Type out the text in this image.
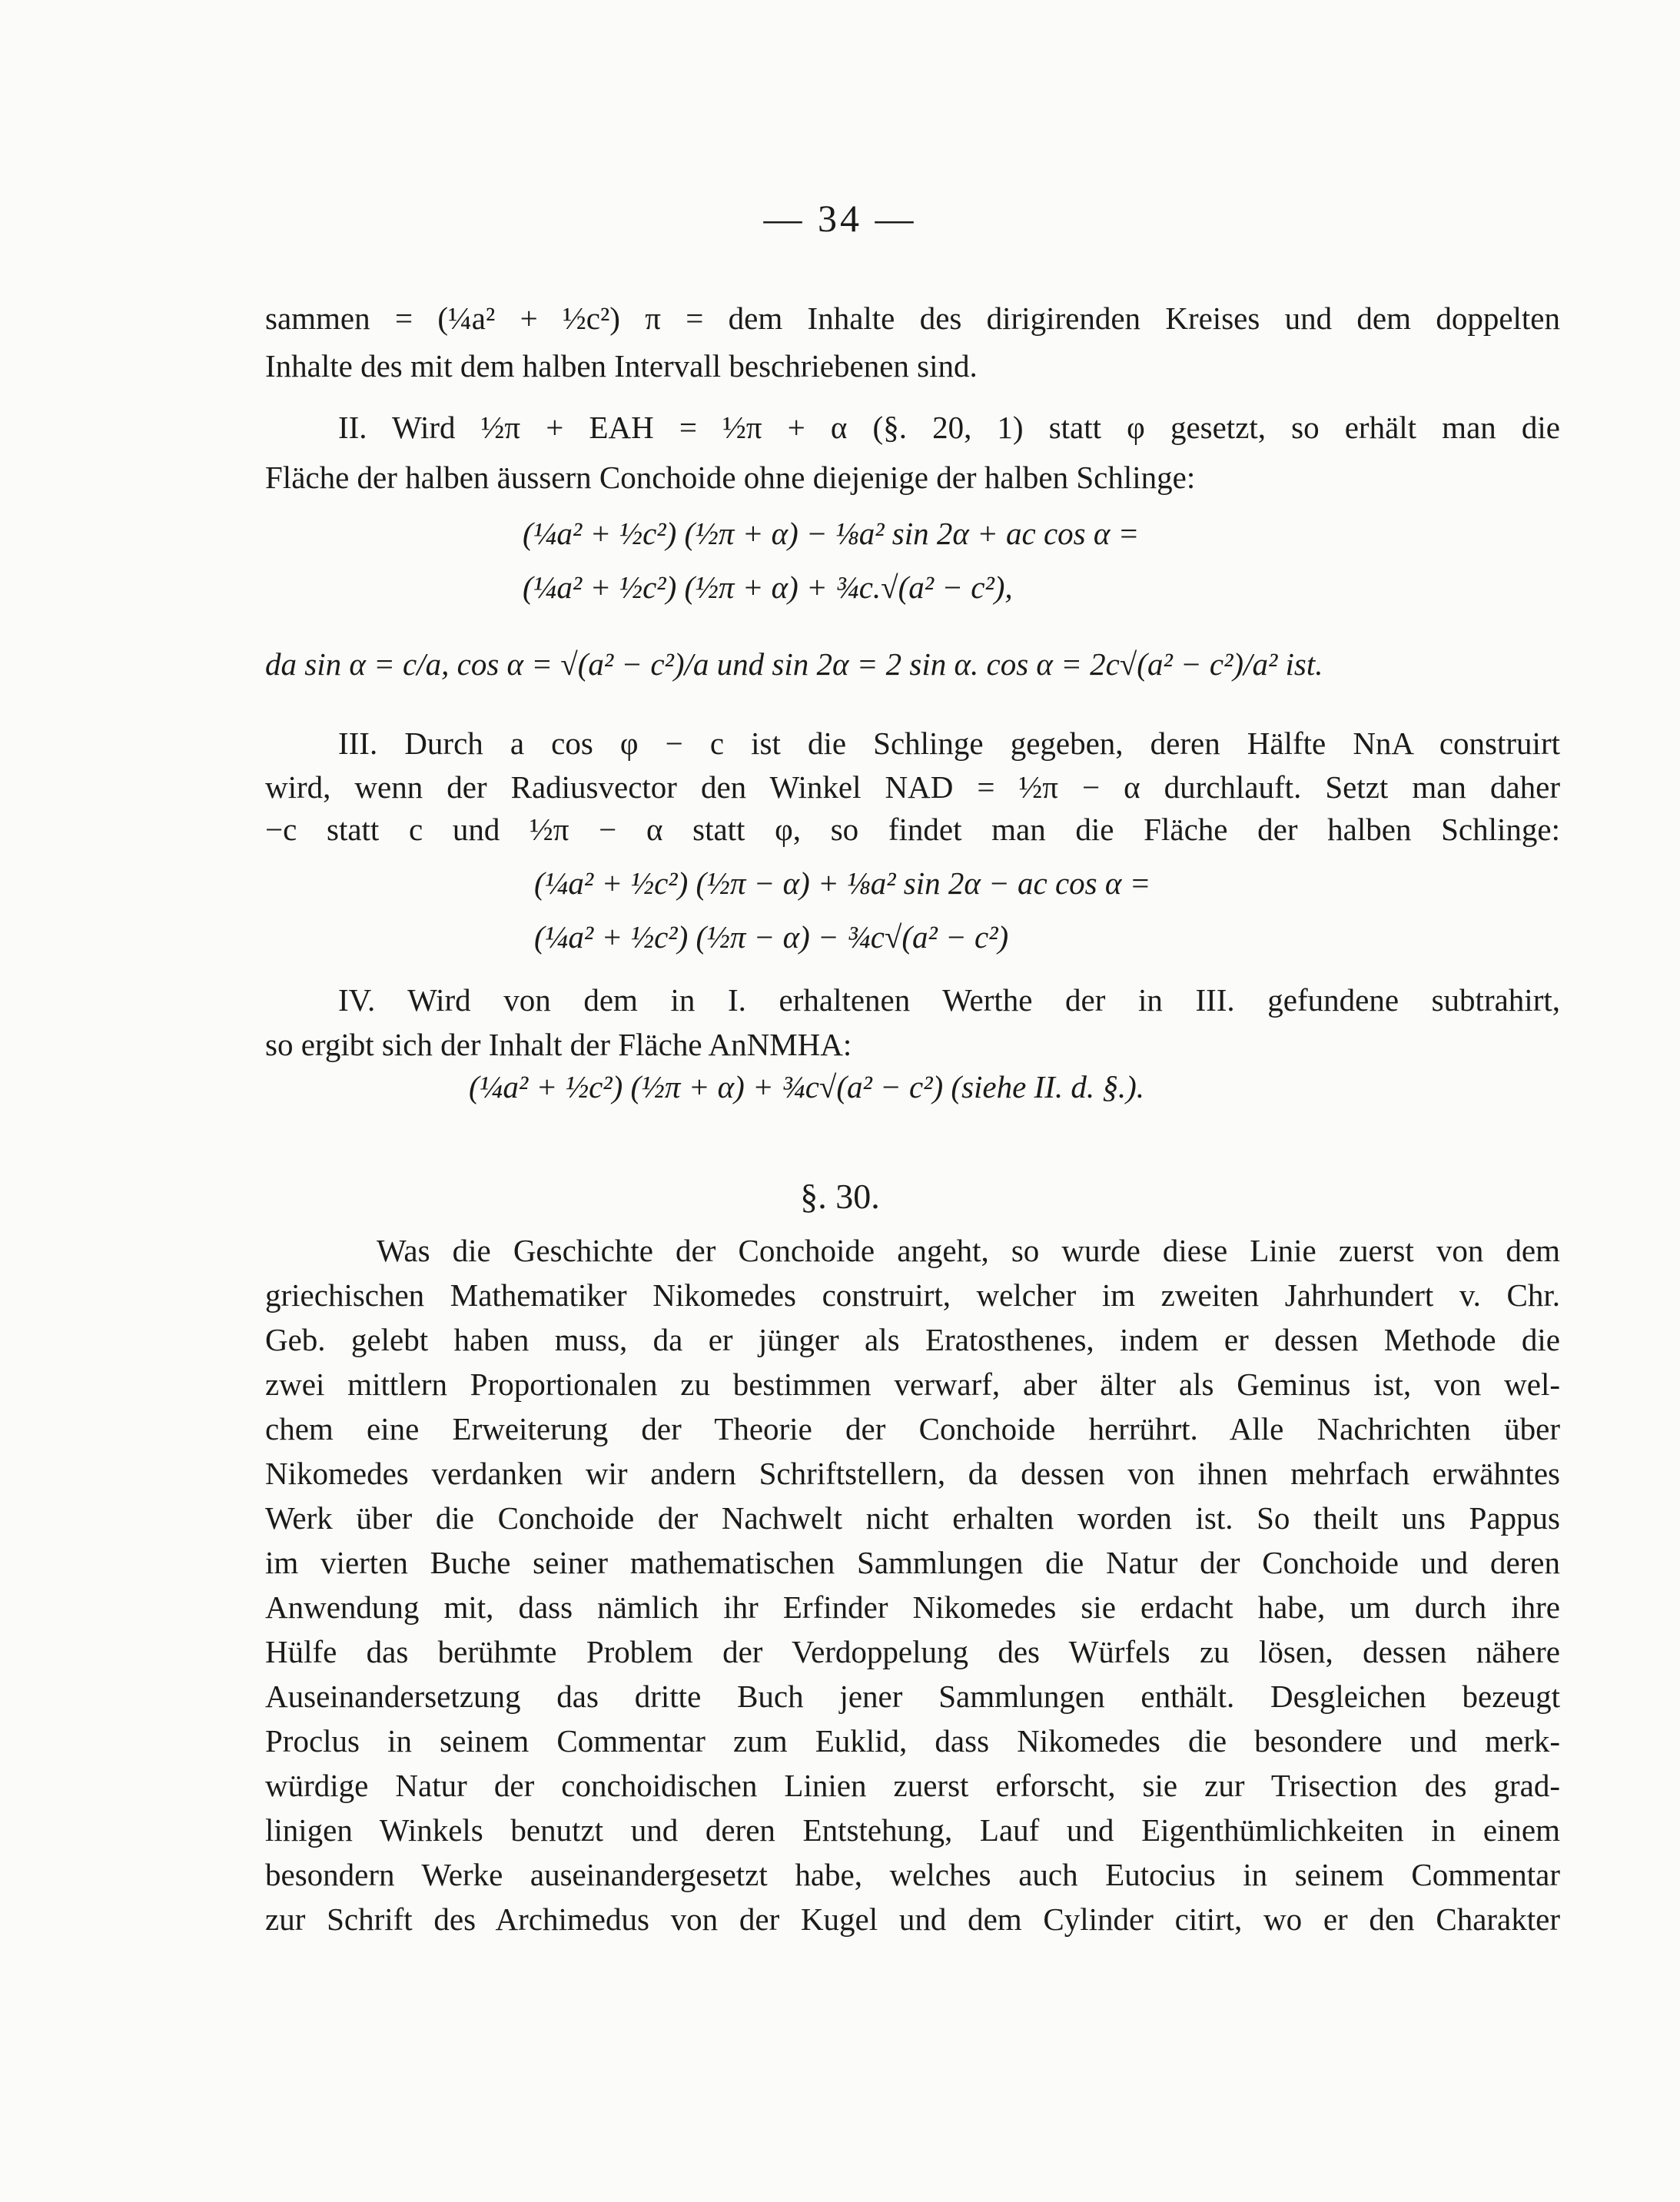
— 34 —
sammen = (¼a² + ½c²) π = dem Inhalte des dirigirenden Kreises und dem doppelten
Inhalte des mit dem halben Intervall beschriebenen sind.
II. Wird ½π + EAH = ½π + α (§. 20, 1) statt φ gesetzt, so erhält man die
Fläche der halben äussern Conchoide ohne diejenige der halben Schlinge:
(¼a² + ½c²) (½π + α) − ⅛a² sin 2α + ac cos α =
(¼a² + ½c²) (½π + α) + ¾c.√(a² − c²),
da sin α = c/a, cos α = √(a² − c²)/a und sin 2α = 2 sin α. cos α = 2c√(a² − c²)/a² ist.
III. Durch a cos φ − c ist die Schlinge gegeben, deren Hälfte NnA construirt
wird, wenn der Radiusvector den Winkel NAD = ½π − α durchlauft. Setzt man daher
−c statt c und ½π − α statt φ, so findet man die Fläche der halben Schlinge:
(¼a² + ½c²) (½π − α) + ⅛a² sin 2α − ac cos α =
(¼a² + ½c²) (½π − α) − ¾c√(a² − c²)
IV. Wird von dem in I. erhaltenen Werthe der in III. gefundene subtrahirt,
so ergibt sich der Inhalt der Fläche AnNMHA:
(¼a² + ½c²) (½π + α) + ¾c√(a² − c²) (siehe II. d. §.).
§. 30.
Was die Geschichte der Conchoide angeht, so wurde diese Linie zuerst von dem
griechischen Mathematiker Nikomedes construirt, welcher im zweiten Jahrhundert v. Chr.
Geb. gelebt haben muss, da er jünger als Eratosthenes, indem er dessen Methode die
zwei mittlern Proportionalen zu bestimmen verwarf, aber älter als Geminus ist, von wel-
chem eine Erweiterung der Theorie der Conchoide herrührt. Alle Nachrichten über
Nikomedes verdanken wir andern Schriftstellern, da dessen von ihnen mehrfach erwähntes
Werk über die Conchoide der Nachwelt nicht erhalten worden ist. So theilt uns Pappus
im vierten Buche seiner mathematischen Sammlungen die Natur der Conchoide und deren
Anwendung mit, dass nämlich ihr Erfinder Nikomedes sie erdacht habe, um durch ihre
Hülfe das berühmte Problem der Verdoppelung des Würfels zu lösen, dessen nähere
Auseinandersetzung das dritte Buch jener Sammlungen enthält. Desgleichen bezeugt
Proclus in seinem Commentar zum Euklid, dass Nikomedes die besondere und merk-
würdige Natur der conchoidischen Linien zuerst erforscht, sie zur Trisection des grad-
linigen Winkels benutzt und deren Entstehung, Lauf und Eigenthümlichkeiten in einem
besondern Werke auseinandergesetzt habe, welches auch Eutocius in seinem Commentar
zur Schrift des Archimedus von der Kugel und dem Cylinder citirt, wo er den Charakter
